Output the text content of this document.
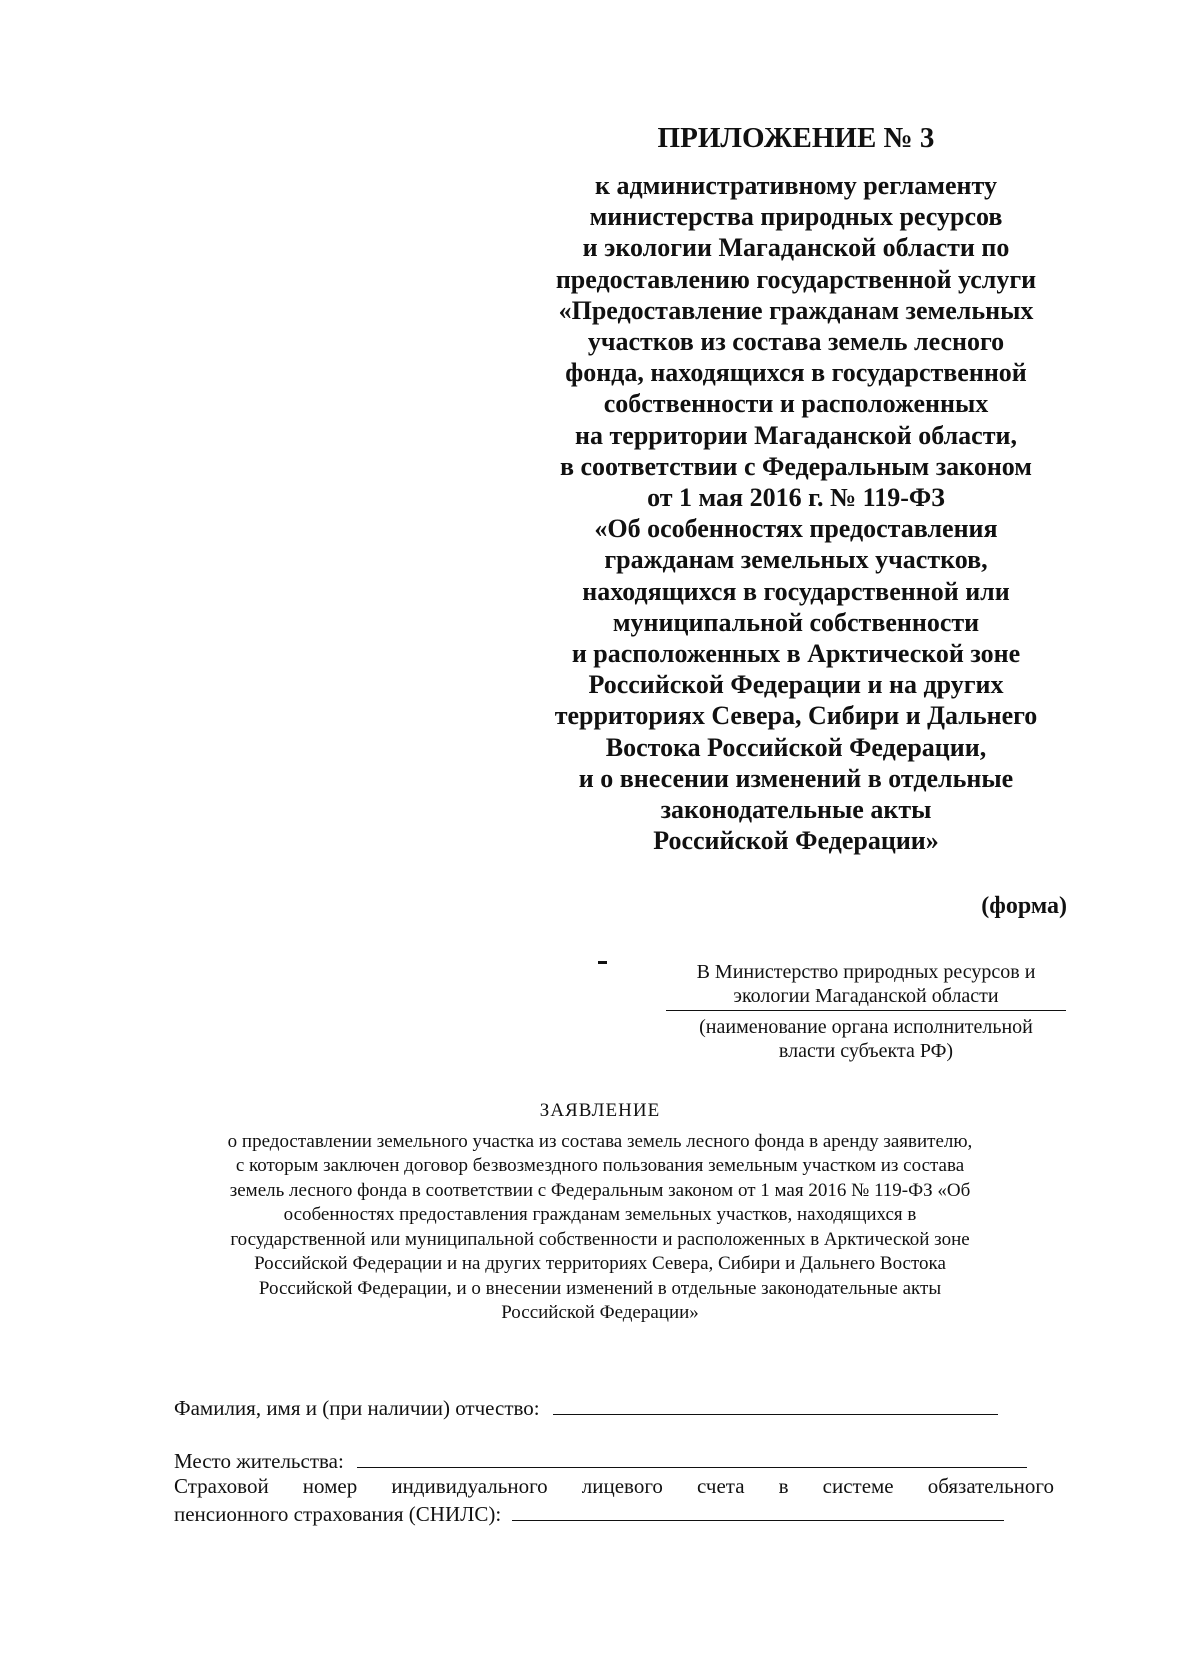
ПРИЛОЖЕНИЕ № 3
к административному регламенту
министерства природных ресурсов
и экологии Магаданской области по
предоставлению государственной услуги
«Предоставление гражданам земельных
участков из состава земель лесного
фонда, находящихся в государственной
собственности и расположенных
на территории Магаданской области,
в соответствии с Федеральным законом
от 1 мая 2016 г. № 119-ФЗ
«Об особенностях предоставления
гражданам земельных участков,
находящихся в государственной или
муниципальной собственности
и расположенных в Арктической зоне
Российской Федерации и на других
территориях Севера, Сибири и Дальнего
Востока Российской Федерации,
и о внесении изменений в отдельные
законодательные акты
Российской Федерации»
(форма)
В Министерство природных ресурсов и
экологии Магаданской области
(наименование органа исполнительной
власти субъекта РФ)
ЗАЯВЛЕНИЕ
о предоставлении земельного участка из состава земель лесного фонда в аренду заявителю,
с которым заключен договор безвозмездного пользования земельным участком из состава
земель лесного фонда в соответствии с Федеральным законом от 1 мая 2016 № 119-ФЗ «Об
особенностях предоставления гражданам земельных участков, находящихся в
государственной или муниципальной собственности и расположенных в Арктической зоне
Российской Федерации и на других территориях Севера, Сибири и Дальнего Востока
Российской Федерации, и о внесении изменений в отдельные законодательные акты
Российской Федерации»
Фамилия, имя и (при наличии) отчество:
Место жительства:
Страховой номер индивидуального лицевого счета в системе обязательного
пенсионного страхования (СНИЛС):
